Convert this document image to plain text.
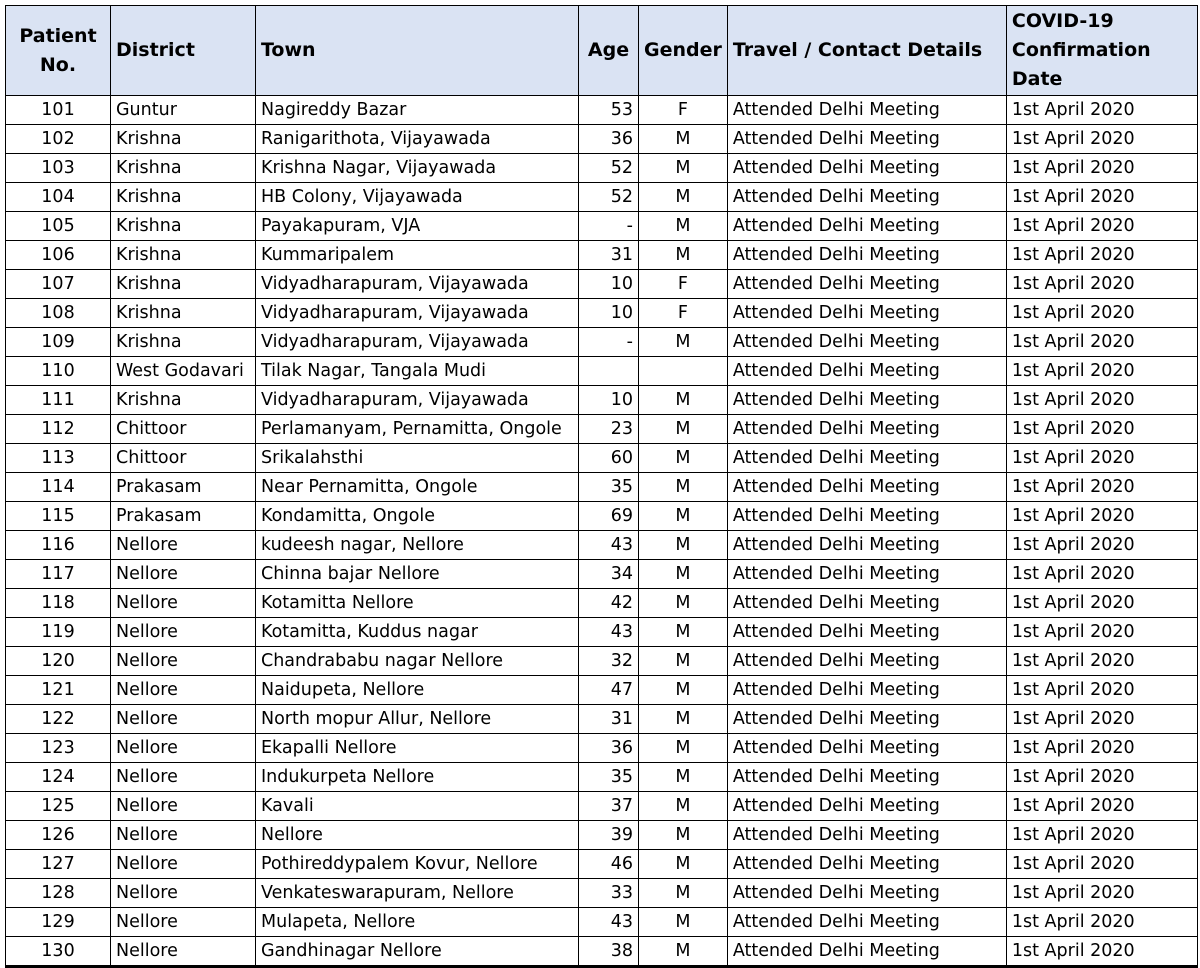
Patient No.	District	Town	Age	Gender	Travel / Contact Details	COVID-19 Confirmation Date
101	Guntur	Nagireddy Bazar	53	F	Attended Delhi Meeting	1st April 2020
102	Krishna	Ranigarithota, Vijayawada	36	M	Attended Delhi Meeting	1st April 2020
103	Krishna	Krishna Nagar, Vijayawada	52	M	Attended Delhi Meeting	1st April 2020
104	Krishna	HB Colony, Vijayawada	52	M	Attended Delhi Meeting	1st April 2020
105	Krishna	Payakapuram, VJA	-	M	Attended Delhi Meeting	1st April 2020
106	Krishna	Kummaripalem	31	M	Attended Delhi Meeting	1st April 2020
107	Krishna	Vidyadharapuram, Vijayawada	10	F	Attended Delhi Meeting	1st April 2020
108	Krishna	Vidyadharapuram, Vijayawada	10	F	Attended Delhi Meeting	1st April 2020
109	Krishna	Vidyadharapuram, Vijayawada	-	M	Attended Delhi Meeting	1st April 2020
110	West Godavari	Tilak Nagar, Tangala Mudi			Attended Delhi Meeting	1st April 2020
111	Krishna	Vidyadharapuram, Vijayawada	10	M	Attended Delhi Meeting	1st April 2020
112	Chittoor	Perlamanyam, Pernamitta, Ongole	23	M	Attended Delhi Meeting	1st April 2020
113	Chittoor	Srikalahsthi	60	M	Attended Delhi Meeting	1st April 2020
114	Prakasam	Near Pernamitta, Ongole	35	M	Attended Delhi Meeting	1st April 2020
115	Prakasam	Kondamitta, Ongole	69	M	Attended Delhi Meeting	1st April 2020
116	Nellore	kudeesh nagar, Nellore	43	M	Attended Delhi Meeting	1st April 2020
117	Nellore	Chinna bajar Nellore	34	M	Attended Delhi Meeting	1st April 2020
118	Nellore	Kotamitta Nellore	42	M	Attended Delhi Meeting	1st April 2020
119	Nellore	Kotamitta, Kuddus nagar	43	M	Attended Delhi Meeting	1st April 2020
120	Nellore	Chandrababu nagar Nellore	32	M	Attended Delhi Meeting	1st April 2020
121	Nellore	Naidupeta, Nellore	47	M	Attended Delhi Meeting	1st April 2020
122	Nellore	North mopur Allur, Nellore	31	M	Attended Delhi Meeting	1st April 2020
123	Nellore	Ekapalli Nellore	36	M	Attended Delhi Meeting	1st April 2020
124	Nellore	Indukurpeta Nellore	35	M	Attended Delhi Meeting	1st April 2020
125	Nellore	Kavali	37	M	Attended Delhi Meeting	1st April 2020
126	Nellore	Nellore	39	M	Attended Delhi Meeting	1st April 2020
127	Nellore	Pothireddypalem Kovur, Nellore	46	M	Attended Delhi Meeting	1st April 2020
128	Nellore	Venkateswarapuram, Nellore	33	M	Attended Delhi Meeting	1st April 2020
129	Nellore	Mulapeta, Nellore	43	M	Attended Delhi Meeting	1st April 2020
130	Nellore	Gandhinagar Nellore	38	M	Attended Delhi Meeting	1st April 2020
